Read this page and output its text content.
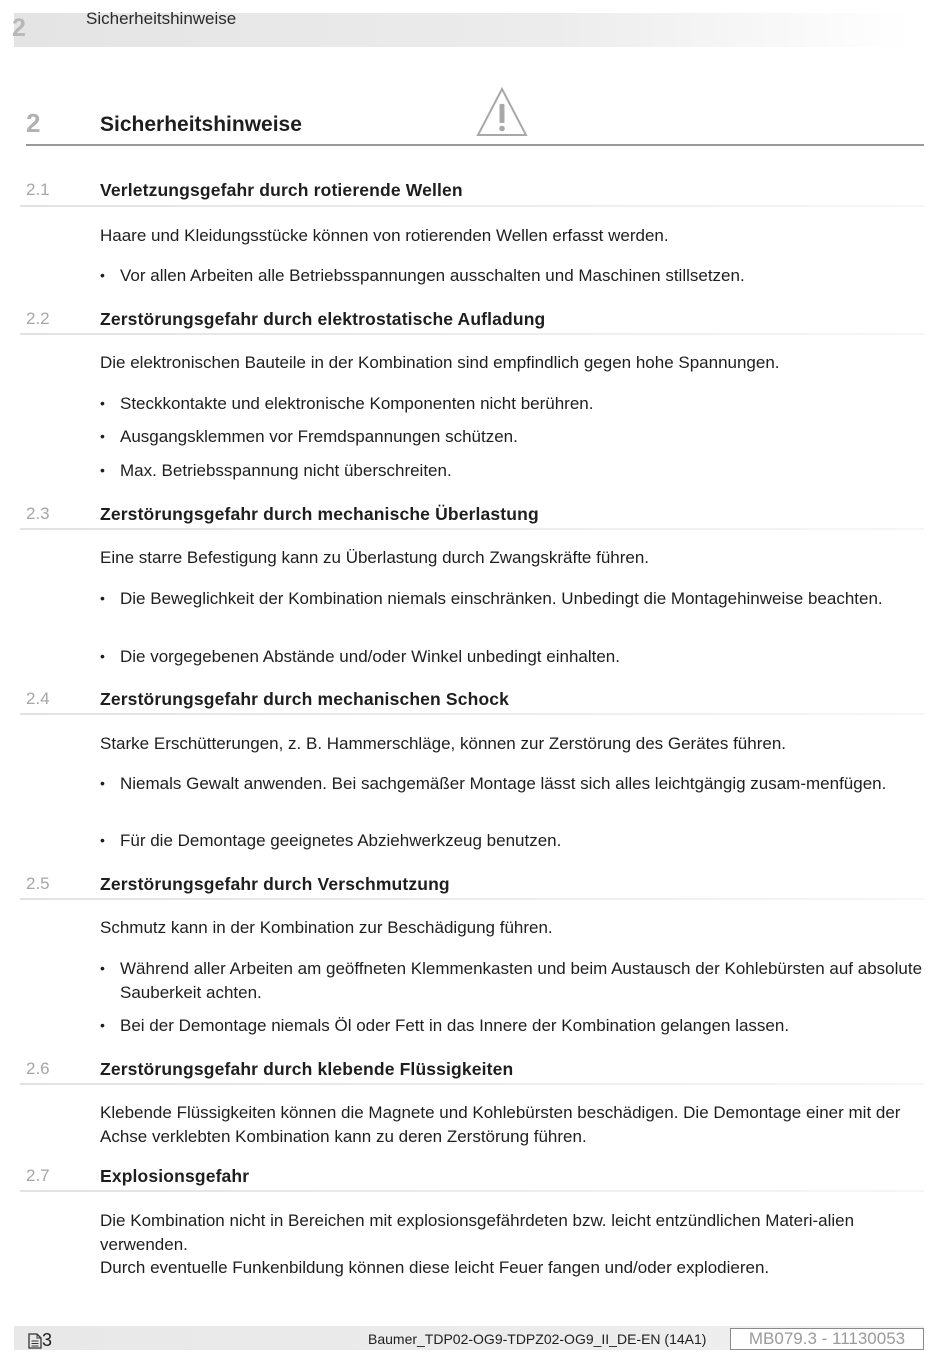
2	Sicherheitshinweise
2	Sicherheitshinweise
2.1	Verletzungsgefahr durch rotierende Wellen
Haare und Kleidungsstücke können von rotierenden Wellen erfasst werden.
• Vor allen Arbeiten alle Betriebsspannungen ausschalten und Maschinen stillsetzen.
2.2	Zerstörungsgefahr durch elektrostatische Aufladung
Die elektronischen Bauteile in der Kombination sind empfindlich gegen hohe Spannungen.
• Steckkontakte und elektronische Komponenten nicht berühren.
• Ausgangsklemmen vor Fremdspannungen schützen.
• Max. Betriebsspannung nicht überschreiten.
2.3	Zerstörungsgefahr durch mechanische Überlastung
Eine starre Befestigung kann zu Überlastung durch Zwangskräfte führen.
• Die Beweglichkeit der Kombination niemals einschränken. Unbedingt die Montagehinweise beachten.
• Die vorgegebenen Abstände und/oder Winkel unbedingt einhalten.
2.4	Zerstörungsgefahr durch mechanischen Schock
Starke Erschütterungen, z. B. Hammerschläge, können zur Zerstörung des Gerätes führen.
• Niemals Gewalt anwenden. Bei sachgemäßer Montage lässt sich alles leichtgängig zusam-menfügen.
• Für die Demontage geeignetes Abziehwerkzeug benutzen.
2.5	Zerstörungsgefahr durch Verschmutzung
Schmutz kann in der Kombination zur Beschädigung führen.
• Während aller Arbeiten am geöffneten Klemmenkasten und beim Austausch der Kohlebürsten auf absolute Sauberkeit achten.
• Bei der Demontage niemals Öl oder Fett in das Innere der Kombination gelangen lassen.
2.6	Zerstörungsgefahr durch klebende Flüssigkeiten
Klebende Flüssigkeiten können die Magnete und Kohlebürsten beschädigen. Die Demontage einer mit der Achse verklebten Kombination kann zu deren Zerstörung führen.
2.7	Explosionsgefahr
Die Kombination nicht in Bereichen mit explosionsgefährdeten bzw. leicht entzündlichen Materi-alien verwenden.
Durch eventuelle Funkenbildung können diese leicht Feuer fangen und/oder explodieren.
3	Baumer_TDP02-OG9-TDPZ02-OG9_II_DE-EN (14A1)	MB079.3 - 11130053
